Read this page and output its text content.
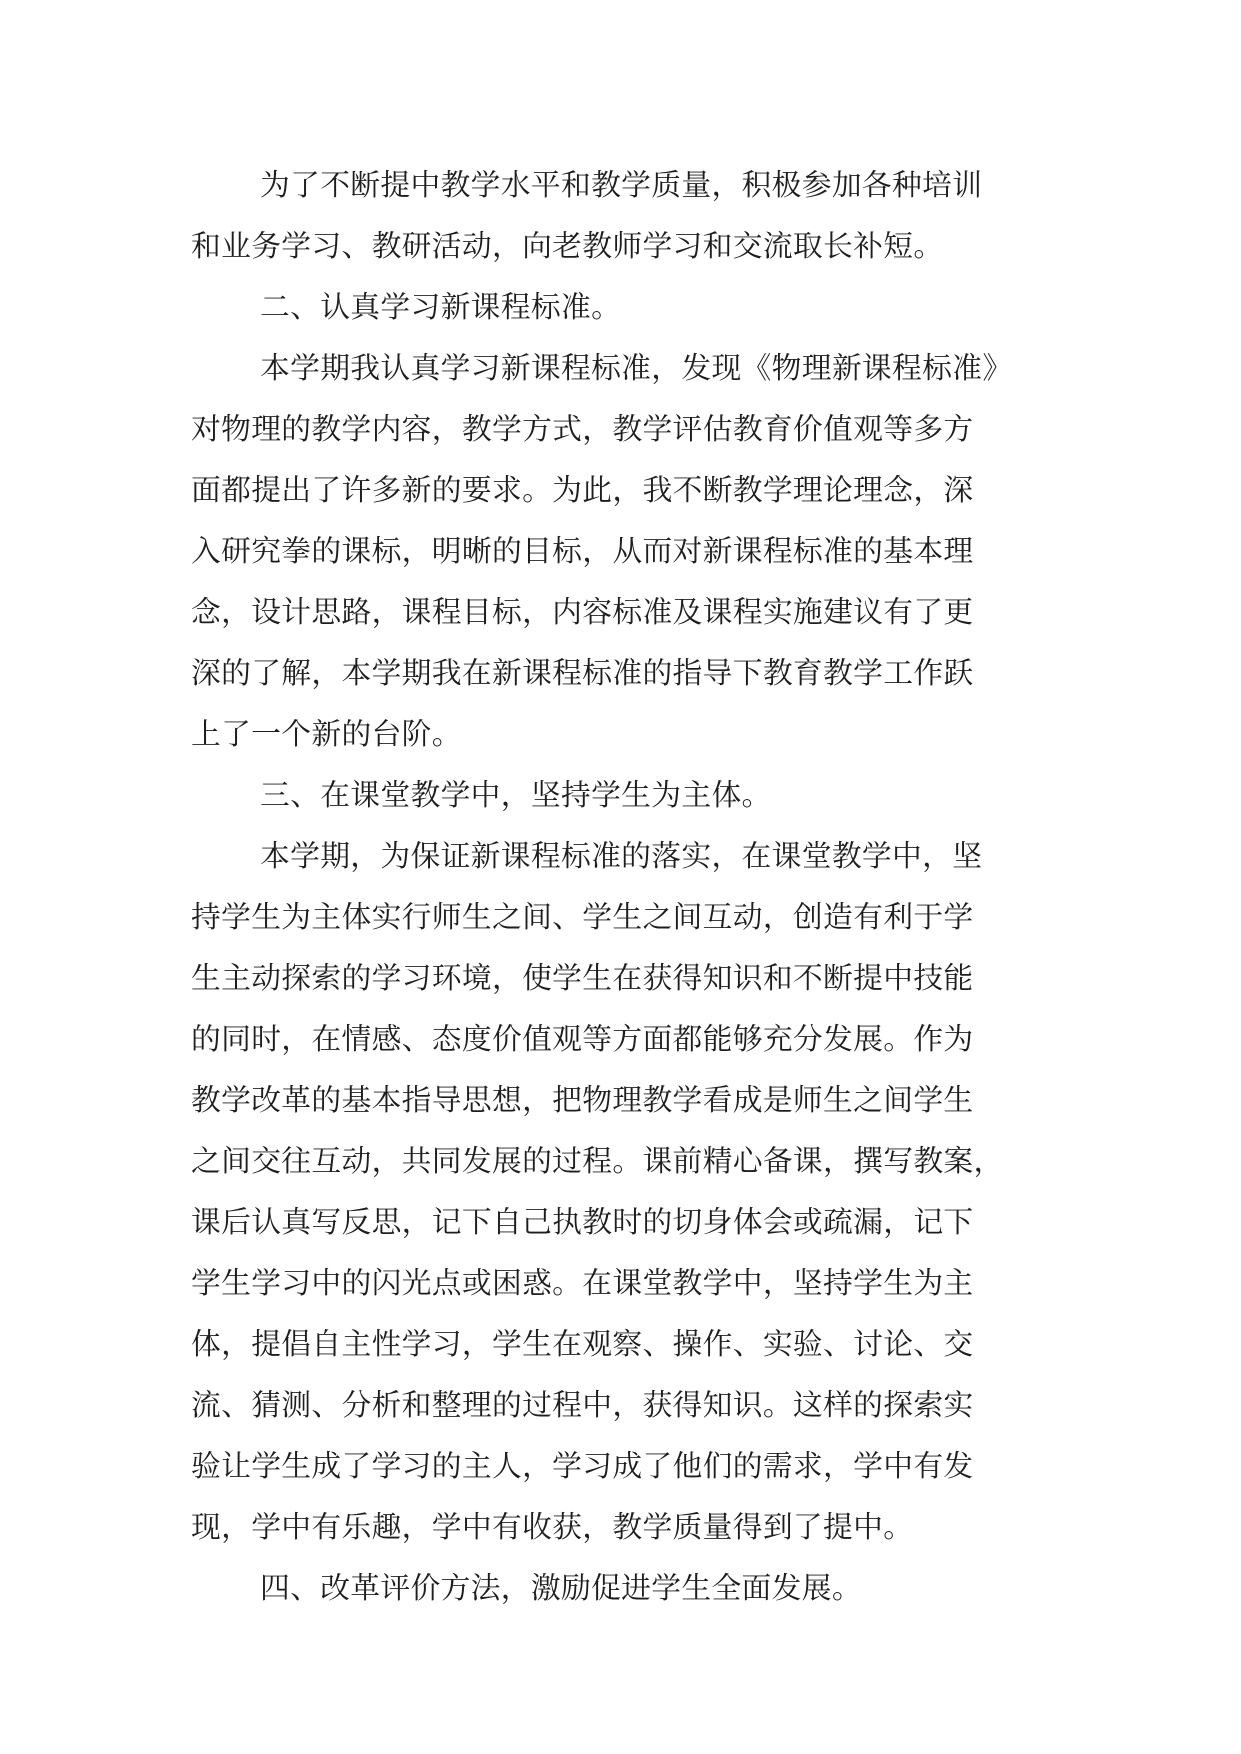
为了不断提中教学水平和教学质量，积极参加各种培训
和业务学习、教研活动，向老教师学习和交流取长补短。
二、认真学习新课程标准。
本学期我认真学习新课程标准，发现《物理新课程标准》
对物理的教学内容，教学方式，教学评估教育价值观等多方
面都提出了许多新的要求。为此，我不断教学理论理念，深
入研究拳的课标，明晰的目标，从而对新课程标准的基本理
念，设计思路，课程目标，内容标准及课程实施建议有了更
深的了解，本学期我在新课程标准的指导下教育教学工作跃
上了一个新的台阶。
三、在课堂教学中，坚持学生为主体。
本学期，为保证新课程标准的落实，在课堂教学中，坚
持学生为主体实行师生之间、学生之间互动，创造有利于学
生主动探索的学习环境，使学生在获得知识和不断提中技能
的同时，在情感、态度价值观等方面都能够充分发展。作为
教学改革的基本指导思想，把物理教学看成是师生之间学生
之间交往互动，共同发展的过程。课前精心备课，撰写教案，
课后认真写反思，记下自己执教时的切身体会或疏漏，记下
学生学习中的闪光点或困惑。在课堂教学中，坚持学生为主
体，提倡自主性学习，学生在观察、操作、实验、讨论、交
流、猜测、分析和整理的过程中，获得知识。这样的探索实
验让学生成了学习的主人，学习成了他们的需求，学中有发
现，学中有乐趣，学中有收获，教学质量得到了提中。
四、改革评价方法，激励促进学生全面发展。
